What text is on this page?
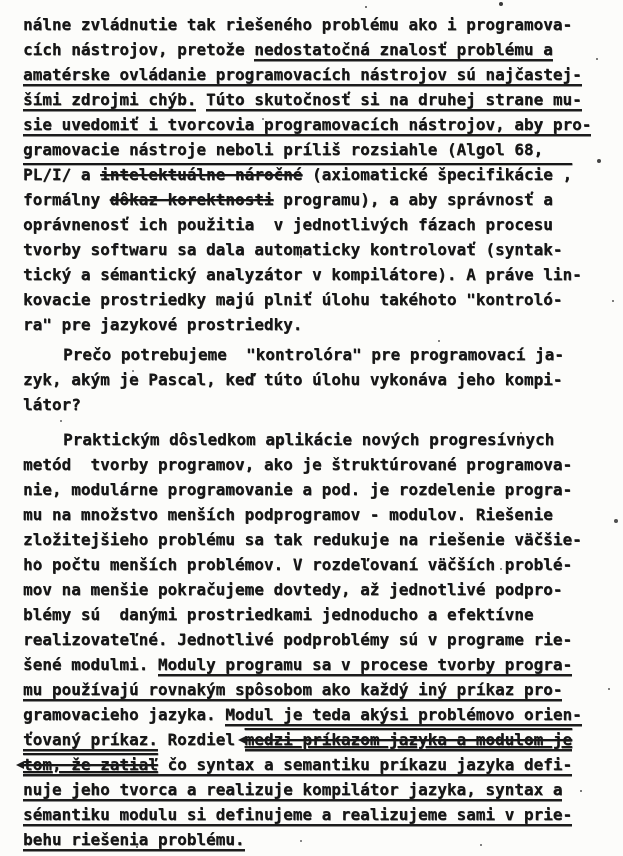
nálne zvládnutie tak riešeného problému ako i programova-
cích nástrojov, pretože nedostatočná znalosť problému a
amatérske ovládanie programovacích nástrojov sú najčastej-
šími zdrojmi chýb. Túto skutočnosť si na druhej strane mu-
sie uvedomiť i tvorcovia programovacích nástrojov, aby pro-
gramovacie nástroje neboli príliš rozsiahle (Algol 68,
PL/I/ a intelektuálne náročné (axiomatické špecifikácie ,
formálny dôkaz korektnosti programu), a aby správnosť a
oprávnenosť ich použitia  v jednotlivých fázach procesu
tvorby softwaru sa dala automaticky kontrolovať (syntak-
tický a sémantický analyzátor v kompilátore). A práve lin-
kovacie prostriedky majú plniť úlohu takéhoto "kontroló-
ra" pre jazykové prostriedky.
Prečo potrebujeme  "kontrolóra" pre programovací ja-
zyk, akým je Pascal, keď túto úlohu vykonáva jeho kompi-
látor?
Praktickým dôsledkom aplikácie nových progresívnych
metód  tvorby programov, ako je štruktúrované programova-
nie, modulárne programovanie a pod. je rozdelenie progra-
mu na množstvo menších podprogramov - modulov. Riešenie
zložitejšieho problému sa tak redukuje na riešenie väčšie-
ho počtu menších problémov. V rozdeľovaní väčších problé-
mov na menšie pokračujeme dovtedy, až jednotlivé podpro-
blémy sú  danými prostriedkami jednoducho a efektívne
realizovateľné. Jednotlivé podproblémy sú v programe rie-
šené modulmi. Moduly programu sa v procese tvorby progra-
mu používajú rovnakým spôsobom ako každý iný príkaz pro-
gramovacieho jazyka. Modul je teda akýsi problémovo orien-
ťovaný príkaz. Rozdiel medzi príkazom jazyka a modulom je
tom, že zatiaľ čo syntax a semantiku príkazu jazyka defi-
nuje jeho tvorca a realizuje kompilátor jazyka, syntax a
sémantiku modulu si definujeme a realizujeme sami v prie-
behu riešenia problému.
